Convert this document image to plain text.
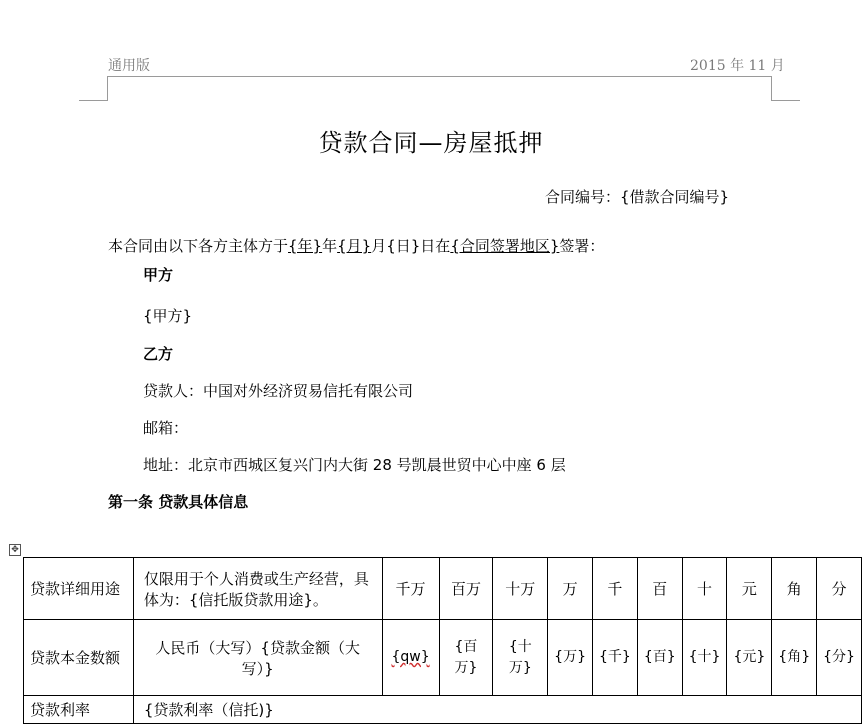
通用版	2015 年 11 月
贷款合同—房屋抵押
合同编号：{借款合同编号}
本合同由以下各方主体方于{年}年{月}月{日}日在{合同签署地区}签署：
甲方
{甲方}
乙方
贷款人：中国对外经济贸易信托有限公司
邮箱：
地址：北京市西城区复兴门内大街 28 号凯晨世贸中心中座 6 层
第一条 贷款具体信息
✥
贷款详细用途	仅限用于个人消费或生产经营，具体为：{信托版贷款用途}。	千万	百万	十万	万	千	百	十	元	角	分
贷款本金数额	人民币（大写）{贷款金额（大写）}	{qw}	{百万}	{十万}	{万}	{千}	{百}	{十}	{元}	{角}	{分}
贷款利率	{贷款利率（信托)}										
